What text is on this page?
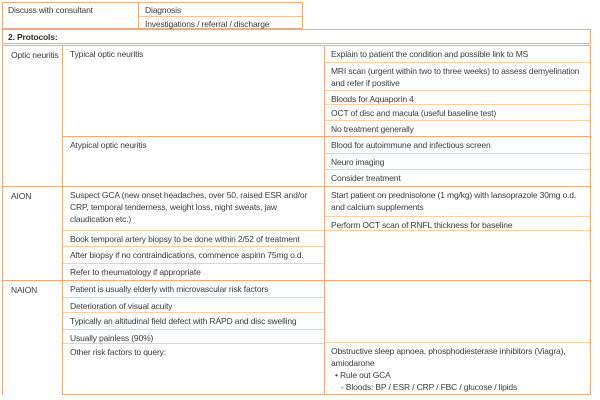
Discuss with consultant	Diagnosis
Investigations / referral / discharge
2. Protocols:
Optic neuritis
AION
NAION
Typical optic neuritis
Atypical optic neuritis
Suspect GCA (new onset headaches, over 50, raised ESR and/or CRP, temporal tenderness, weight loss, night sweats, jaw claudication etc.)
Book temporal artery biopsy to be done within 2/52 of treatment
After biopsy if no contraindications, commence aspirin 75mg o.d.
Refer to rheumatology if appropriate
Patient is usually elderly with microvascular risk factors
Deterioration of visual acuity
Typically an altitudinal field defect with RAPD and disc swelling
Usually painless (90%)
Other risk factors to query:
Explain to patient the condition and possible link to MS
MRI scan (urgent within two to three weeks) to assess demyelination and refer if positive
Bloods for Aquaporin 4
OCT of disc and macula (useful baseline test)
No treatment generally
Blood for autoimmune and infectious screen
Neuro imaging
Consider treatment
Start patient on prednisolone (1 mg/kg) with lansoprazole 30mg o.d. and calcium supplements
Perform OCT scan of RNFL thickness for baseline
Obstructive sleep apnoea, phosphodiesterase inhibitors (Viagra), amiodarone
• Rule out GCA
- Bloods: BP / ESR / CRP / FBC / glucose / lipids
